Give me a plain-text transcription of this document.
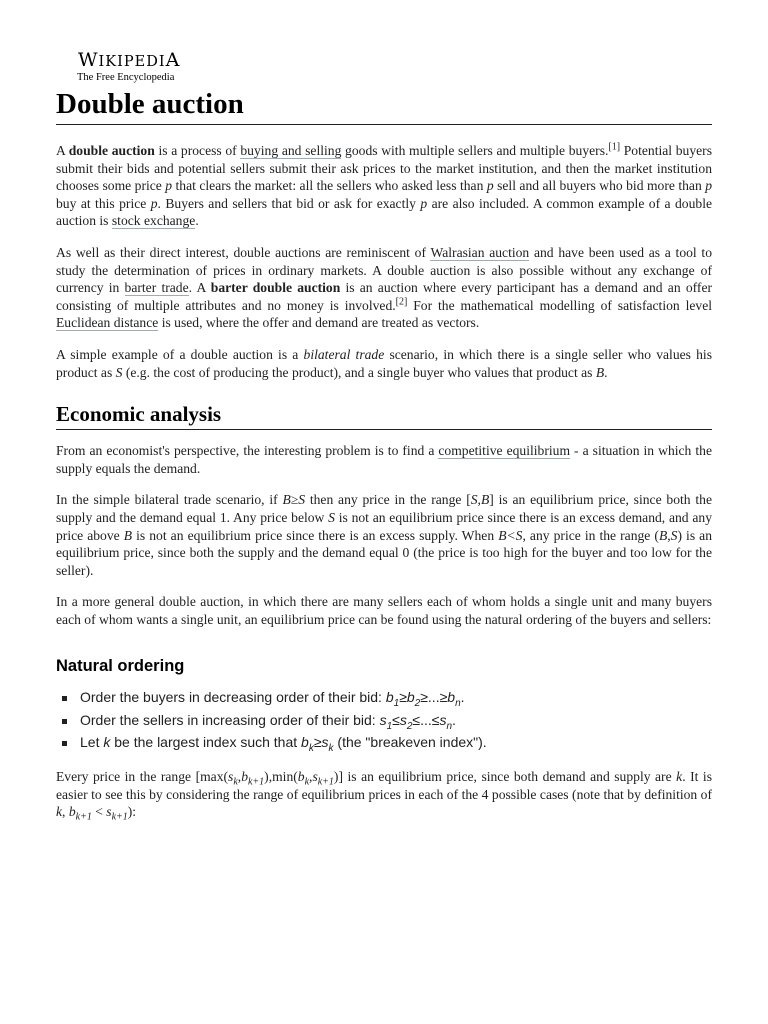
WIKIPEDIA
The Free Encyclopedia
Double auction

A double auction is a process of buying and selling goods with multiple sellers and multiple buyers.[1] Potential buyers submit their bids and potential sellers submit their ask prices to the market institution, and then the market institution chooses some price p that clears the market: all the sellers who asked less than p sell and all buyers who bid more than p buy at this price p. Buyers and sellers that bid or ask for exactly p are also included. A common example of a double auction is stock exchange.

As well as their direct interest, double auctions are reminiscent of Walrasian auction and have been used as a tool to study the determination of prices in ordinary markets. A double auction is also possible without any exchange of currency in barter trade. A barter double auction is an auction where every participant has a demand and an offer consisting of multiple attributes and no money is involved.[2] For the mathematical modelling of satisfaction level Euclidean distance is used, where the offer and demand are treated as vectors.

A simple example of a double auction is a bilateral trade scenario, in which there is a single seller who values his product as S (e.g. the cost of producing the product), and a single buyer who values that product as B.

Economic analysis

From an economist's perspective, the interesting problem is to find a competitive equilibrium - a situation in which the supply equals the demand.

In the simple bilateral trade scenario, if B≥S then any price in the range [S,B] is an equilibrium price, since both the supply and the demand equal 1. Any price below S is not an equilibrium price since there is an excess demand, and any price above B is not an equilibrium price since there is an excess supply. When B<S, any price in the range (B,S) is an equilibrium price, since both the supply and the demand equal 0 (the price is too high for the buyer and too low for the seller).

In a more general double auction, in which there are many sellers each of whom holds a single unit and many buyers each of whom wants a single unit, an equilibrium price can be found using the natural ordering of the buyers and sellers:

Natural ordering
Order the buyers in decreasing order of their bid: $b_1\ge b_2\ge...\ge b_n$.
Order the sellers in increasing order of their bid: $s_1\le s_2\le...\le s_n$.
Let k be the largest index such that $b_k\ge s_k$ (the "breakeven index").

Every price in the range $[\max(s_k,b_{k+1}),\min(b_k,s_{k+1})]$ is an equilibrium price, since both demand and supply are k. It is easier to see this by considering the range of equilibrium prices in each of the 4 possible cases (note that by definition of k, $b_{k+1} < s_{k+1}$):
